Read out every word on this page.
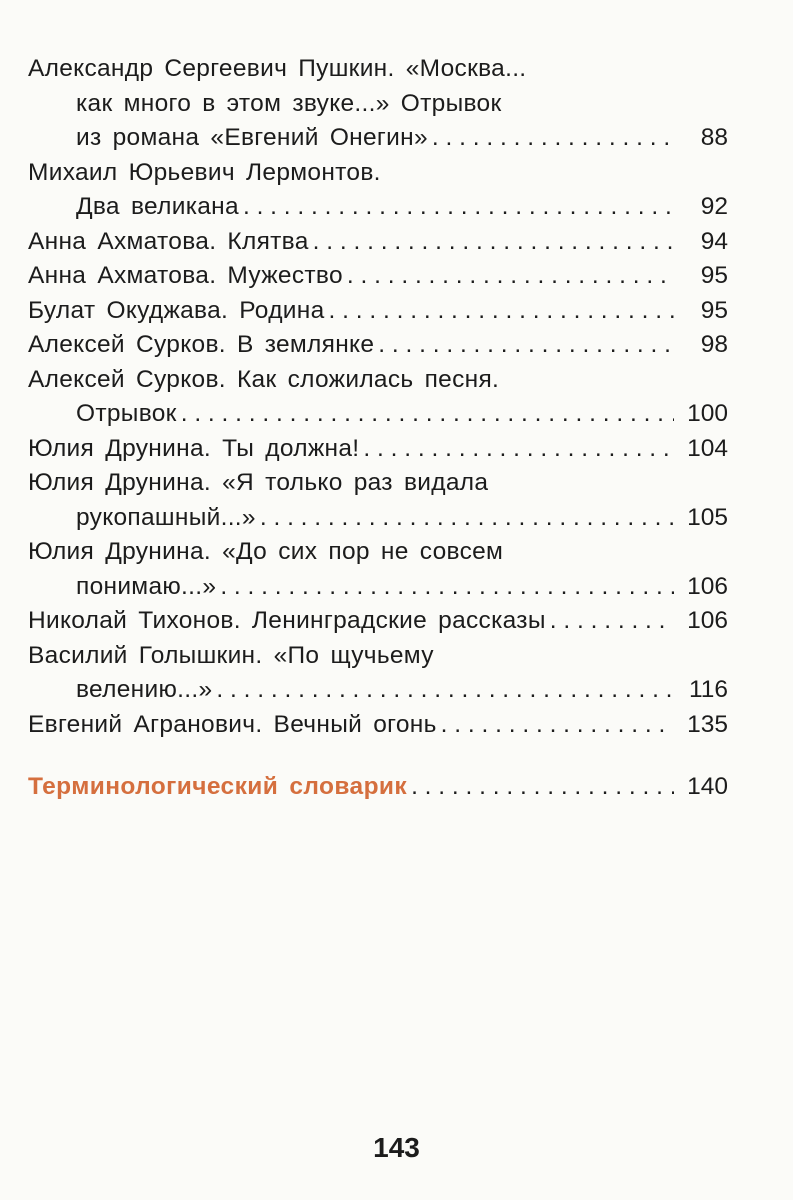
Александр Сергеевич Пушкин. «Москва...
как много в этом звуке...» Отрывок
из романа «Евгений Онегин» . . .	88
Михаил Юрьевич Лермонтов.
Два великана . . .	92
Анна Ахматова. Клятва . . .	94
Анна Ахматова. Мужество . . .	95
Булат Окуджава. Родина . . .	95
Алексей Сурков. В землянке . . .	98
Алексей Сурков. Как сложилась песня.
Отрывок . . .	100
Юлия Друнина. Ты должна! . . .	104
Юлия Друнина. «Я только раз видала
рукопашный...» . . .	105
Юлия Друнина. «До сих пор не совсем
понимаю...» . . .	106
Николай Тихонов. Ленинградские рассказы . . .	106
Василий Голышкин. «По щучьему
велению...» . . .	116
Евгений Агранович. Вечный огонь . . .	135
Терминологический словарик . . .	140
143
